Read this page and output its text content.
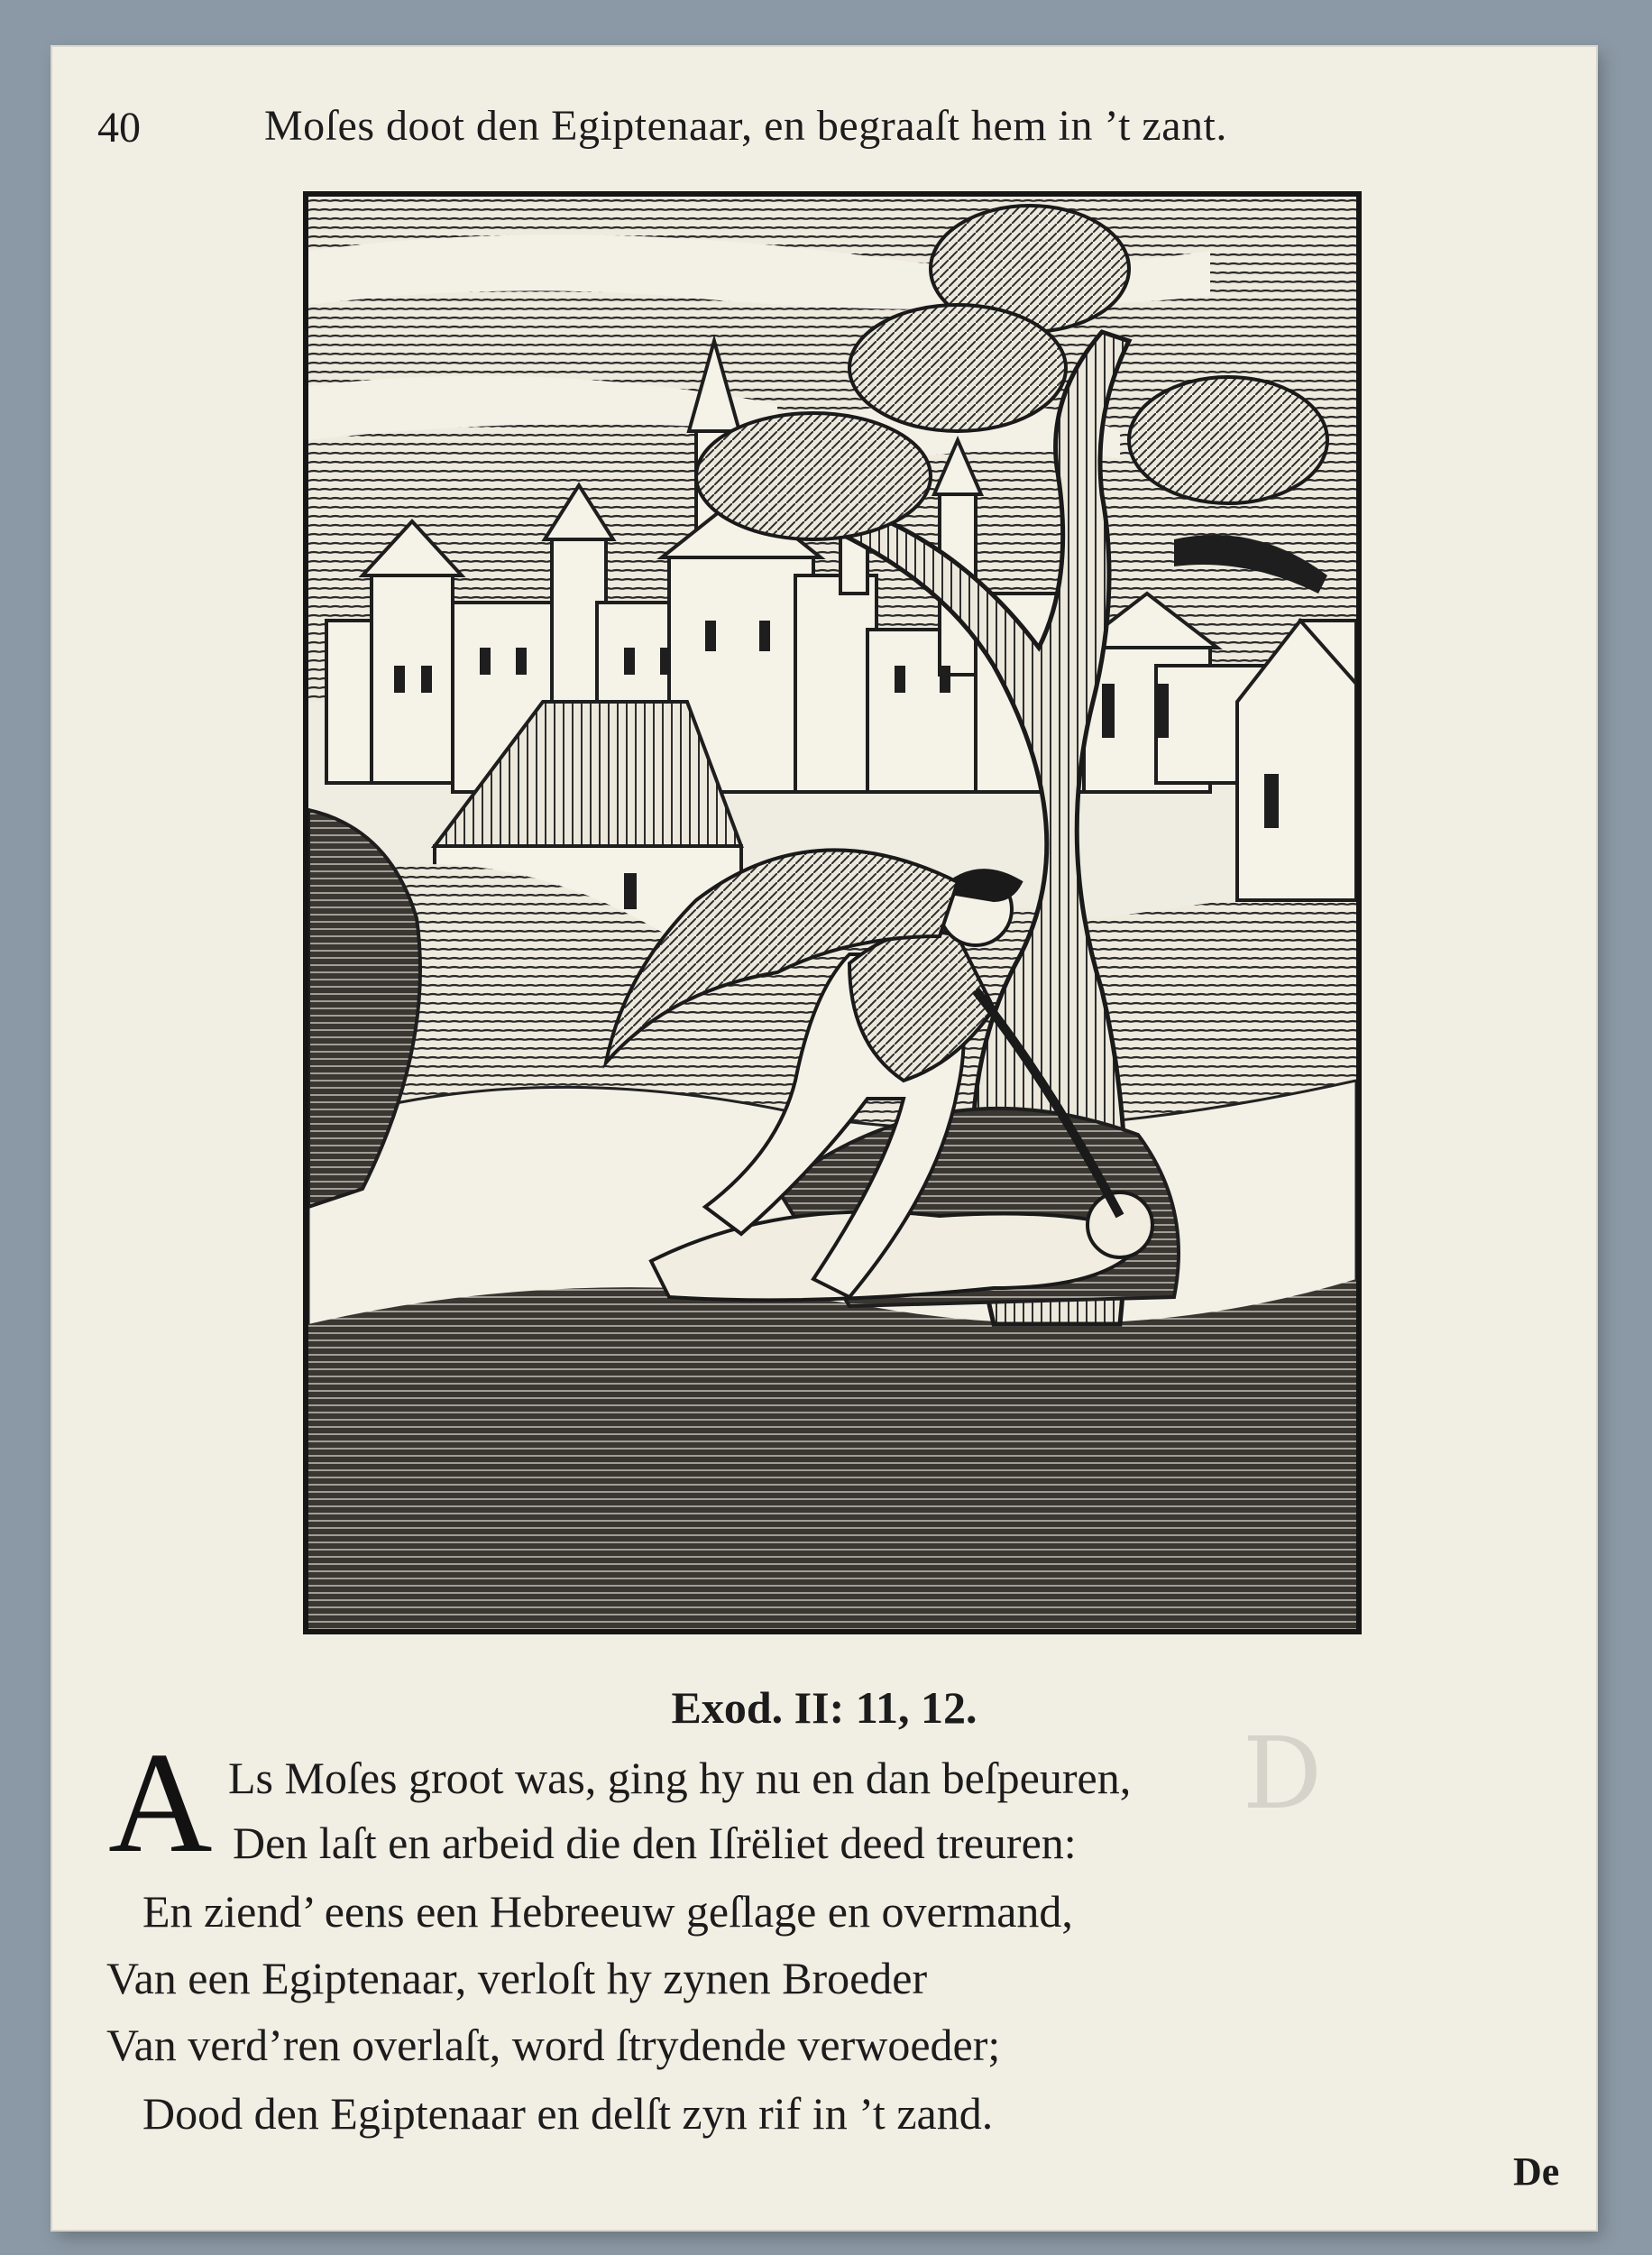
D
40	Moſes doot den Egiptenaar, en begraaſt hem in ’t zant.
Exod. II: 11, 12.
A Ls Moſes groot was, ging hy nu en dan beſpeuren,
Den laſt en arbeid die den Iſrëliet deed treuren:
En ziend’ eens een Hebreeuw geſlage en overmand,
Van een Egiptenaar, verloſt hy zynen Broeder
Van verd’ren overlaſt, word ſtrydende verwoeder;
Dood den Egiptenaar en delſt zyn rif in ’t zand.
De
